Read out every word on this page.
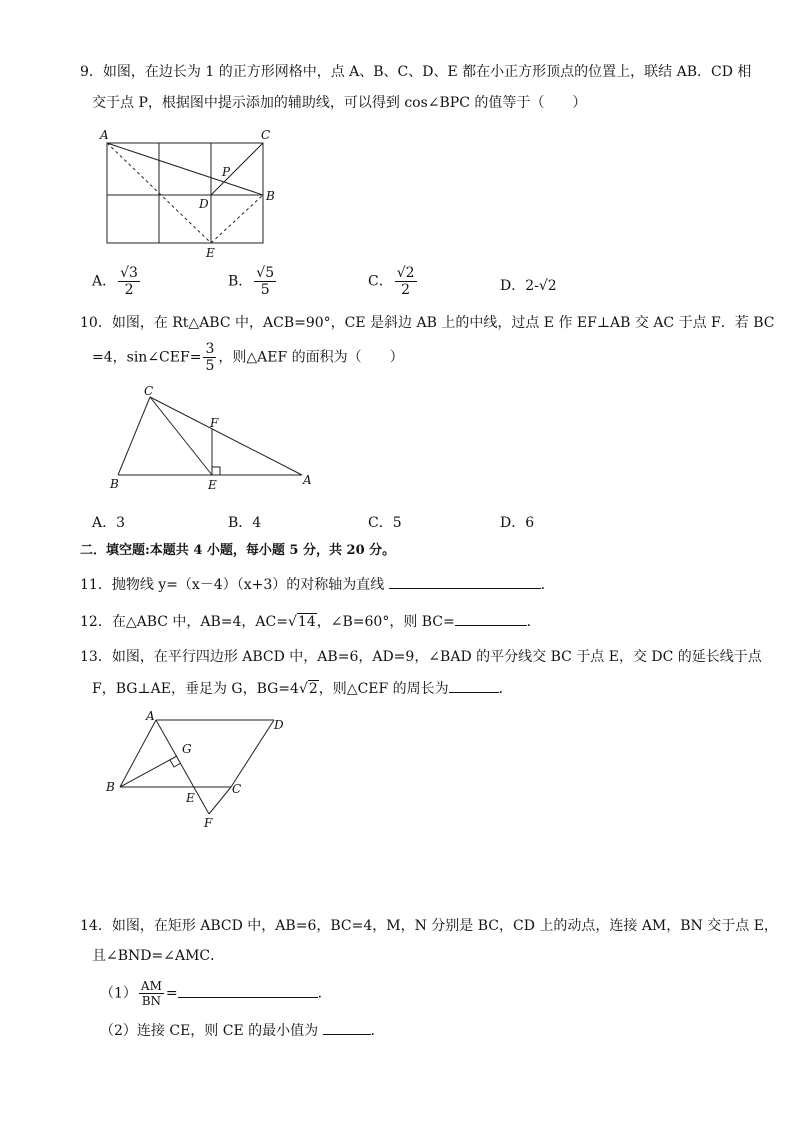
9．如图，在边长为 1 的正方形网格中，点 A、B、C、D、E 都在小正方形顶点的位置上，联结 AB．CD 相
交于点 P，根据图中提示添加的辅助线，可以得到 cos∠BPC 的值等于（　　）
A	C
P
B
D
E
A． $\frac{√3}{2}$	B． $\frac{√5}{5}$	C． $\frac{√2}{2}$	D．2-√2
10．如图，在 Rt△ABC 中，ACB=90°，CE 是斜边 AB 上的中线，过点 E 作 EF⊥AB 交 AC 于点 F．若 BC
=4，sin∠CEF= $\frac{3}{5}$ ，则△AEF 的面积为（　　）
C
F
B	E	A
A．3	B．4	C．5	D．6
二．填空题:本题共 4 小题，每小题 5 分，共 20 分。
11．抛物线 y=（x－4）（x+3）的对称轴为直线	．
12．在△ABC 中，AB=4，AC=√14，∠B=60°，则 BC=	．
13．如图，在平行四边形 ABCD 中，AB=6，AD=9，∠BAD 的平分线交 BC 于点 E，交 DC 的延长线于点
F，BG⊥AE，垂足为 G，BG=4√2，则△CEF 的周长为	．
A
D
G
B	C
E
F
14．如图，在矩形 ABCD 中，AB=6，BC=4，M，N 分别是 BC，CD 上的动点，连接 AM，BN 交于点 E，
且∠BND=∠AMC．
$(1) \frac{AM}{BN}$ =	．
（2）连接 CE，则 CE 的最小值为	．
